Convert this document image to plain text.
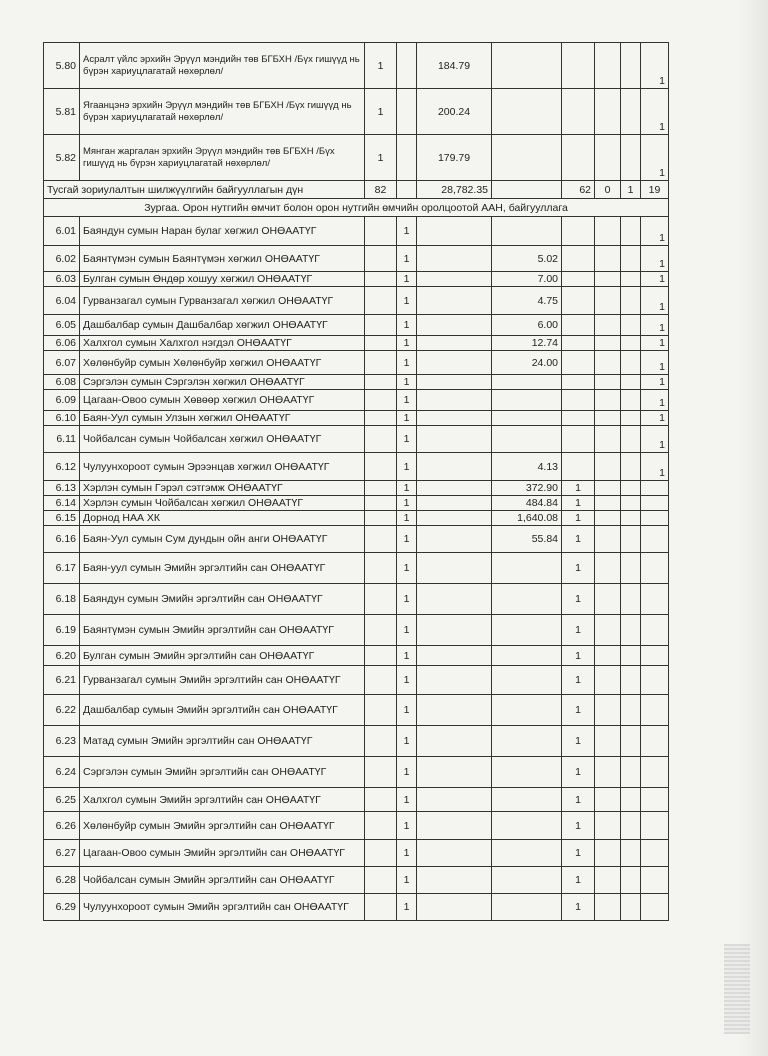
5.80	Асралт үйлс эрхийн Эрүүл мэндийн төв БГБХН /Бүх гишүүд нь бүрэн хариуцлагатай нөхөрлөл/	1		184.79					1
5.81	Ягаанцэнэ эрхийн Эрүүл мэндийн төв БГБХН /Бүх гишүүд нь бүрэн хариуцлагатай нөхөрлөл/	1		200.24					1
5.82	Мянган жаргалан эрхийн Эрүүл мэндийн төв БГБХН /Бүх гишүүд нь бүрэн хариуцлагатай нөхөрлөл/	1		179.79					1
Тусгай зориулалтын шилжүүлгийн байгууллагын дүн		82		28,782.35		62	0	1	19
Зургаа. Орон нутгийн өмчит болон орон нутгийн өмчийн оролцоотой ААН, байгууллага									
6.01	Баяндун сумын Наран булаг хөгжил ОНӨААТҮГ		1						1
6.02	Баянтүмэн сумын Баянтүмэн хөгжил ОНӨААТҮГ		1		5.02				1
6.03	Булган сумын Өндөр хошуу хөгжил ОНӨААТҮГ		1		7.00				1
6.04	Гурванзагал сумын Гурванзагал хөгжил ОНӨААТҮГ		1		4.75				1
6.05	Дашбалбар сумын Дашбалбар хөгжил ОНӨААТҮГ		1		6.00				1
6.06	Халхгол сумын Халхгол нэгдэл ОНӨААТҮГ		1		12.74				1
6.07	Хөлөнбуйр сумын Хөлөнбуйр хөгжил ОНӨААТҮГ		1		24.00				1
6.08	Сэргэлэн сумын Сэргэлэн хөгжил ОНӨААТҮГ		1						1
6.09	Цагаан-Овоо сумын Хөвөөр хөгжил ОНӨААТҮГ		1						1
6.10	Баян-Уул сумын Улзын хөгжил ОНӨААТҮГ		1						1
6.11	Чойбалсан сумын Чойбалсан хөгжил ОНӨААТҮГ		1						1
6.12	Чулуунхороот сумын Эрээнцав хөгжил ОНӨААТҮГ		1		4.13				1
6.13	Хэрлэн сумын Гэрэл сэтгэмж ОНӨААТҮГ		1		372.90	1			
6.14	Хэрлэн сумын Чойбалсан хөгжил ОНӨААТҮГ		1		484.84	1			
6.15	Дорнод НАА ХК		1		1,640.08	1			
6.16	Баян-Уул сумын Сум дундын ойн анги ОНӨААТҮГ		1		55.84	1			
6.17	Баян-уул сумын Эмийн эргэлтийн сан ОНӨААТҮГ		1			1			
6.18	Баяндун сумын Эмийн эргэлтийн сан ОНӨААТҮГ		1			1			
6.19	Баянтүмэн сумын Эмийн эргэлтийн сан ОНӨААТҮГ		1			1			
6.20	Булган сумын Эмийн эргэлтийн сан ОНӨААТҮГ		1			1			
6.21	Гурванзагал сумын Эмийн эргэлтийн сан ОНӨААТҮГ		1			1			
6.22	Дашбалбар сумын Эмийн эргэлтийн сан ОНӨААТҮГ		1			1			
6.23	Матад сумын Эмийн эргэлтийн сан ОНӨААТҮГ		1			1			
6.24	Сэргэлэн сумын Эмийн эргэлтийн сан ОНӨААТҮГ		1			1			
6.25	Халхгол сумын Эмийн эргэлтийн сан ОНӨААТҮГ		1			1			
6.26	Хөлөнбуйр сумын Эмийн эргэлтийн сан ОНӨААТҮГ		1			1			
6.27	Цагаан-Овоо сумын Эмийн эргэлтийн сан ОНӨААТҮГ		1			1			
6.28	Чойбалсан сумын Эмийн эргэлтийн сан ОНӨААТҮГ		1			1			
6.29	Чулуунхороот сумын Эмийн эргэлтийн сан ОНӨААТҮГ		1			1			
